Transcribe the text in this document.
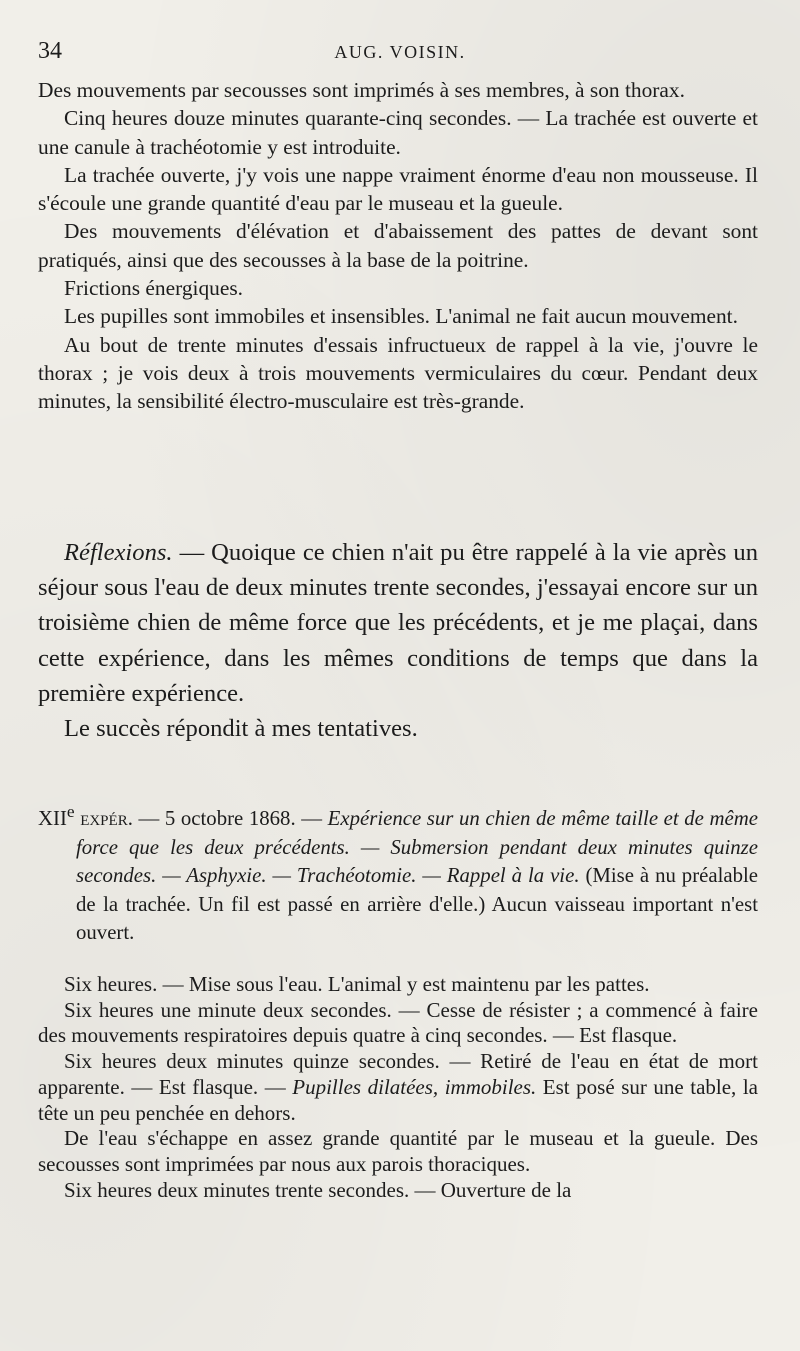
34	AUG. VOISIN.

Des mouvements par secousses sont imprimés à ses membres, à son thorax.

Cinq heures douze minutes quarante-cinq secondes. — La trachée est ouverte et une canule à trachéotomie y est introduite.

La trachée ouverte, j'y vois une nappe vraiment énorme d'eau non mousseuse. Il s'écoule une grande quantité d'eau par le museau et la gueule.

Des mouvements d'élévation et d'abaissement des pattes de devant sont pratiqués, ainsi que des secousses à la base de la poitrine.

Frictions énergiques.

Les pupilles sont immobiles et insensibles. L'animal ne fait aucun mouvement.

Au bout de trente minutes d'essais infructueux de rappel à la vie, j'ouvre le thorax ; je vois deux à trois mouvements vermiculaires du cœur. Pendant deux minutes, la sensibilité électro-musculaire est très-grande.

Réflexions. — Quoique ce chien n'ait pu être rappelé à la vie après un séjour sous l'eau de deux minutes trente secondes, j'essayai encore sur un troisième chien de même force que les précédents, et je me plaçai, dans cette expérience, dans les mêmes conditions de temps que dans la première expérience.

Le succès répondit à mes tentatives.

XIIe expér. — 5 octobre 1868. — Expérience sur un chien de même taille et de même force que les deux précédents. — Submersion pendant deux minutes quinze secondes. — Asphyxie. — Trachéotomie. — Rappel à la vie. (Mise à nu préalable de la trachée. Un fil est passé en arrière d'elle.) Aucun vaisseau important n'est ouvert.

Six heures. — Mise sous l'eau. L'animal y est maintenu par les pattes.

Six heures une minute deux secondes. — Cesse de résister ; a commencé à faire des mouvements respiratoires depuis quatre à cinq secondes. — Est flasque.

Six heures deux minutes quinze secondes. — Retiré de l'eau en état de mort apparente. — Est flasque. — Pupilles dilatées, immobiles. Est posé sur une table, la tête un peu penchée en dehors.

De l'eau s'échappe en assez grande quantité par le museau et la gueule. Des secousses sont imprimées par nous aux parois thoraciques.

Six heures deux minutes trente secondes. — Ouverture de la
